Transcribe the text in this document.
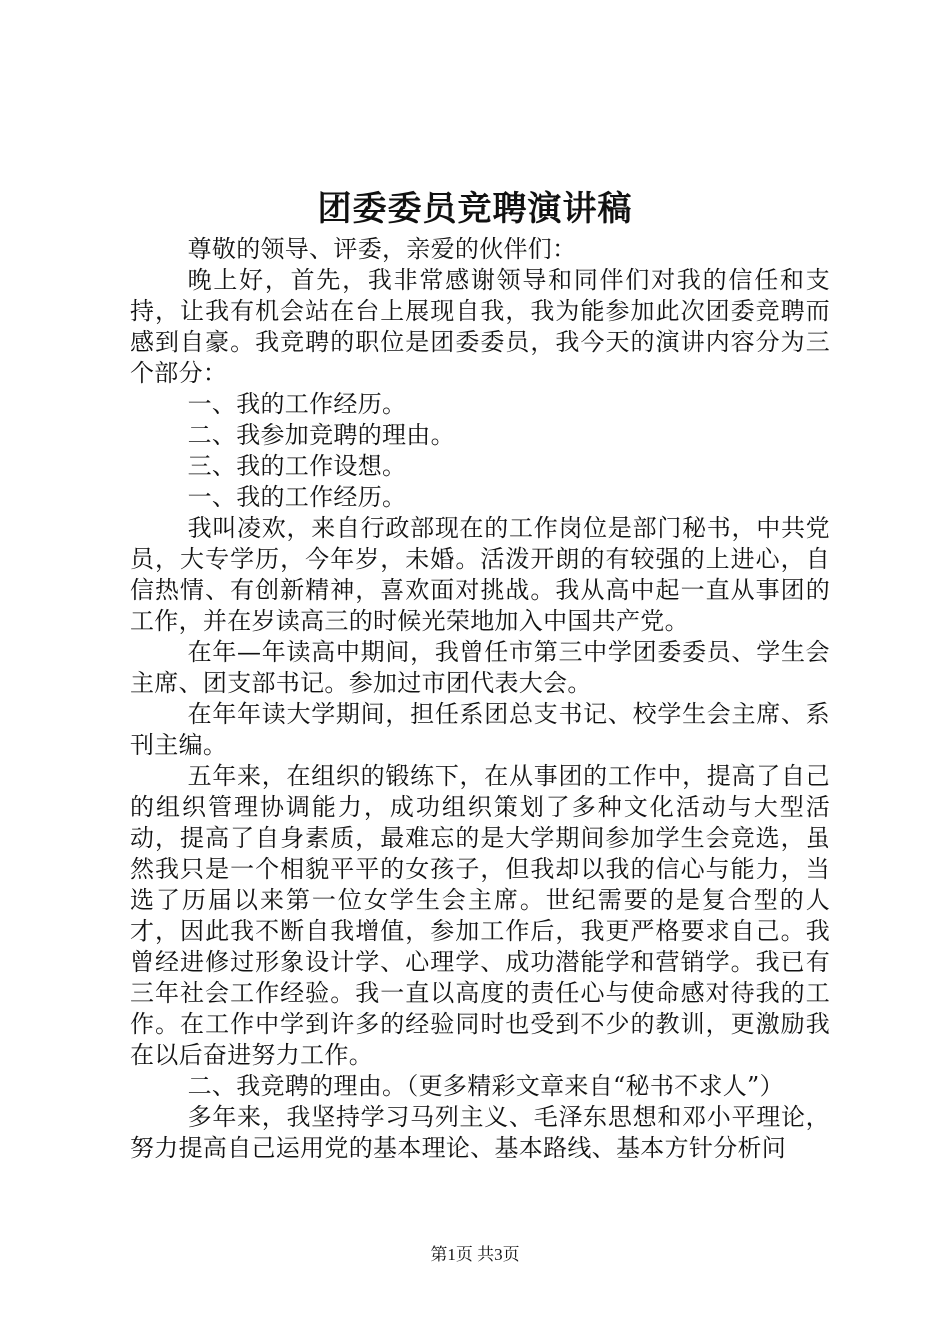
团委委员竞聘演讲稿

尊敬的领导、评委，亲爱的伙伴们：

晚上好，首先，我非常感谢领导和同伴们对我的信任和支持，让我有机会站在台上展现自我，我为能参加此次团委竞聘而感到自豪。我竞聘的职位是团委委员，我今天的演讲内容分为三个部分：

一、我的工作经历。

二、我参加竞聘的理由。

三、我的工作设想。

一、我的工作经历。

我叫凌欢，来自行政部现在的工作岗位是部门秘书，中共党员，大专学历，今年岁，未婚。活泼开朗的有较强的上进心，自信热情、有创新精神，喜欢面对挑战。我从高中起一直从事团的工作，并在岁读高三的时候光荣地加入中国共产党。

在年—年读高中期间，我曾任市第三中学团委委员、学生会主席、团支部书记。参加过市团代表大会。

在年年读大学期间，担任系团总支书记、校学生会主席、系刊主编。

五年来，在组织的锻练下，在从事团的工作中，提高了自己的组织管理协调能力，成功组织策划了多种文化活动与大型活动，提高了自身素质，最难忘的是大学期间参加学生会竞选，虽然我只是一个相貌平平的女孩子，但我却以我的信心与能力，当选了历届以来第一位女学生会主席。世纪需要的是复合型的人才，因此我不断自我增值，参加工作后，我更严格要求自己。我曾经进修过形象设计学、心理学、成功潜能学和营销学。我已有三年社会工作经验。我一直以高度的责任心与使命感对待我的工作。在工作中学到许多的经验同时也受到不少的教训，更激励我在以后奋进努力工作。

二、我竞聘的理由。（更多精彩文章来自“秘书不求人”）

多年来，我坚持学习马列主义、毛泽东思想和邓小平理论，努力提高自己运用党的基本理论、基本路线、基本方针分析问

第1页 共3页
